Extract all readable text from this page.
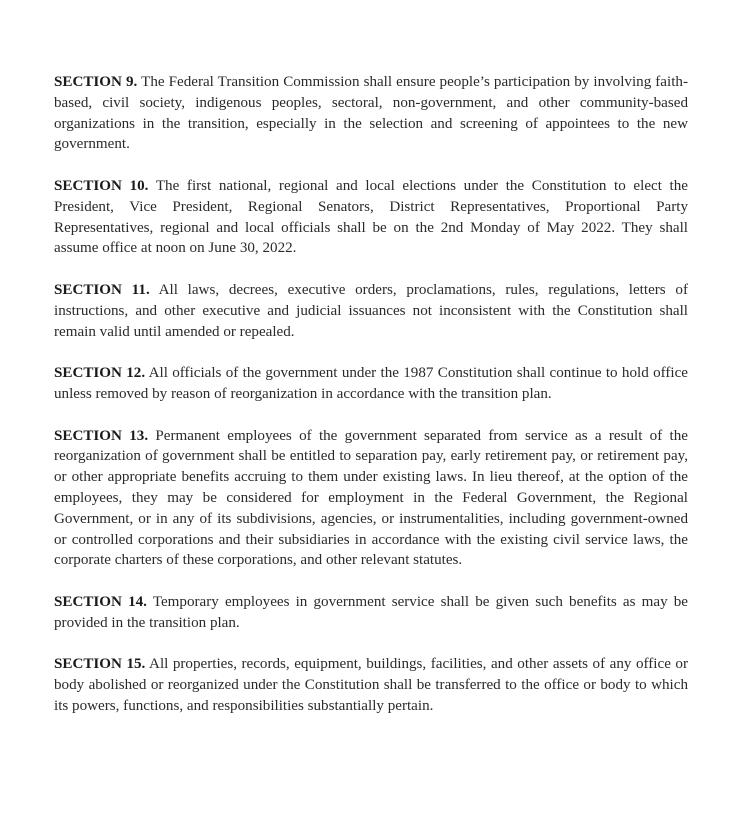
SECTION 9. The Federal Transition Commission shall ensure people’s participation by involving faith-based, civil society, indigenous peoples, sectoral, non-government, and other community-based organizations in the transition, especially in the selection and screening of appointees to the new government.

SECTION 10. The first national, regional and local elections under the Constitution to elect the President, Vice President, Regional Senators, District Representatives, Proportional Party Representatives, regional and local officials shall be on the 2nd Monday of May 2022. They shall assume office at noon on June 30, 2022.

SECTION 11. All laws, decrees, executive orders, proclamations, rules, regulations, letters of instructions, and other executive and judicial issuances not inconsistent with the Constitution shall remain valid until amended or repealed.

SECTION 12. All officials of the government under the 1987 Constitution shall continue to hold office unless removed by reason of reorganization in accordance with the transition plan.

SECTION 13. Permanent employees of the government separated from service as a result of the reorganization of government shall be entitled to separation pay, early retirement pay, or retirement pay, or other appropriate benefits accruing to them under existing laws. In lieu thereof, at the option of the employees, they may be considered for employment in the Federal Government, the Regional Government, or in any of its subdivisions, agencies, or instrumentalities, including government-owned or controlled corporations and their subsidiaries in accordance with the existing civil service laws, the corporate charters of these corporations, and other relevant statutes.

SECTION 14. Temporary employees in government service shall be given such benefits as may be provided in the transition plan.

SECTION 15. All properties, records, equipment, buildings, facilities, and other assets of any office or body abolished or reorganized under the Constitution shall be transferred to the office or body to which its powers, functions, and responsibilities substantially pertain.
